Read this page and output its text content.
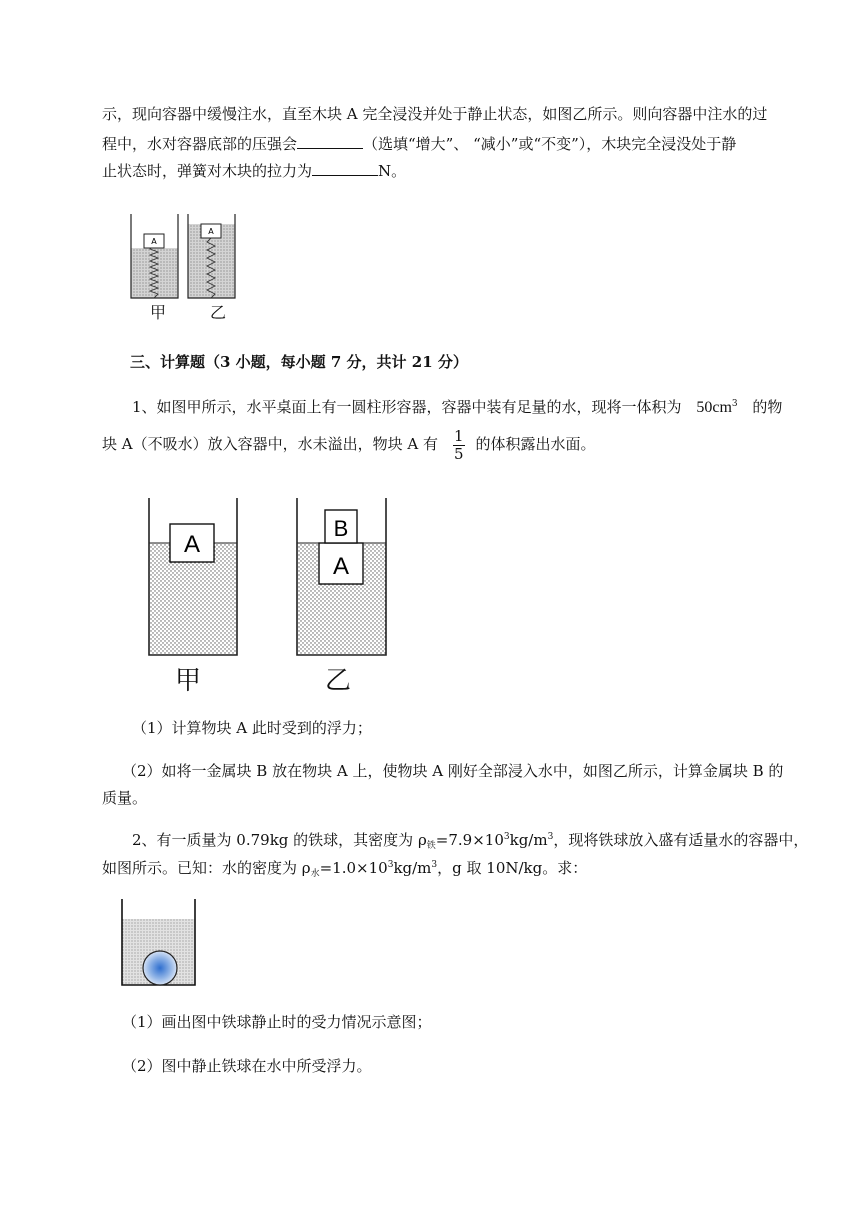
示，现向容器中缓慢注水，直至木块 A 完全浸没并处于静止状态，如图乙所示。则向容器中注水的过
程中，水对容器底部的压强会	（选填“增大”、 “减小”或“不变”），木块完全浸没处于静
止状态时，弹簧对木块的拉力为	N。
A
A
甲	乙
三、计算题（3 小题，每小题 7 分，共计 21 分）
1、如图甲所示，水平桌面上有一圆柱形容器，容器中装有足量的水，现将一体积为 $50cm^3$ 的物
块 A（不吸水）放入容器中，水未溢出，物块 A 有 $\frac{1}{5}$ 的体积露出水面。
A
A
B
甲	乙
（1）计算物块 A 此时受到的浮力；
（2）如将一金属块 B 放在物块 A 上，使物块 A 刚好全部浸入水中，如图乙所示，计算金属块 B 的
质量。
2、有一质量为 0.79kg 的铁球，其密度为 $\rho_铁=7.9\times 10^3kg/m^3$，现将铁球放入盛有适量水的容器中，
如图所示。已知：水的密度为 $\rho_水=1.0\times 10^3kg/m^3$，g 取 10N/kg。求：
（1）画出图中铁球静止时的受力情况示意图；
（2）图中静止铁球在水中所受浮力。
